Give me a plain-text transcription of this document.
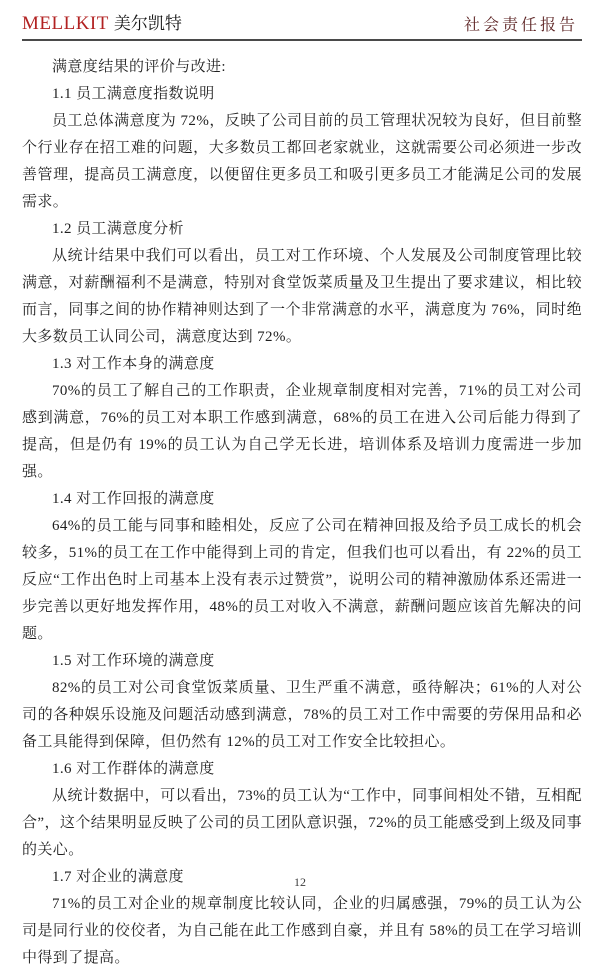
MELLKIT 美尔凯特	社会责任报告

满意度结果的评价与改进:

1.1 员工满意度指数说明

员工总体满意度为 72%，反映了公司目前的员工管理状况较为良好，但目前整个行业存在招工难的问题，大多数员工都回老家就业，这就需要公司必须进一步改善管理，提高员工满意度，以便留住更多员工和吸引更多员工才能满足公司的发展需求。

1.2 员工满意度分析

从统计结果中我们可以看出，员工对工作环境、个人发展及公司制度管理比较满意，对薪酬福利不是满意，特别对食堂饭菜质量及卫生提出了要求建议，相比较而言，同事之间的协作精神则达到了一个非常满意的水平，满意度为 76%，同时绝大多数员工认同公司，满意度达到 72%。

1.3 对工作本身的满意度

70%的员工了解自己的工作职责，企业规章制度相对完善，71%的员工对公司感到满意，76%的员工对本职工作感到满意，68%的员工在进入公司后能力得到了提高，但是仍有 19%的员工认为自己学无长进，培训体系及培训力度需进一步加强。

1.4 对工作回报的满意度

64%的员工能与同事和睦相处，反应了公司在精神回报及给予员工成长的机会较多，51%的员工在工作中能得到上司的肯定，但我们也可以看出，有 22%的员工反应“工作出色时上司基本上没有表示过赞赏”，说明公司的精神激励体系还需进一步完善以更好地发挥作用，48%的员工对收入不满意，薪酬问题应该首先解决的问题。

1.5 对工作环境的满意度

82%的员工对公司食堂饭菜质量、卫生严重不满意，亟待解决；61%的人对公司的各种娱乐设施及问题活动感到满意，78%的员工对工作中需要的劳保用品和必备工具能得到保障，但仍然有 12%的员工对工作安全比较担心。

1.6 对工作群体的满意度

从统计数据中，可以看出，73%的员工认为“工作中，同事间相处不错，互相配合”，这个结果明显反映了公司的员工团队意识强，72%的员工能感受到上级及同事的关心。

1.7 对企业的满意度

71%的员工对企业的规章制度比较认同，企业的归属感强，79%的员工认为公司是同行业的佼佼者，为自己能在此工作感到自豪，并且有 58%的员工在学习培训中得到了提高。

12
